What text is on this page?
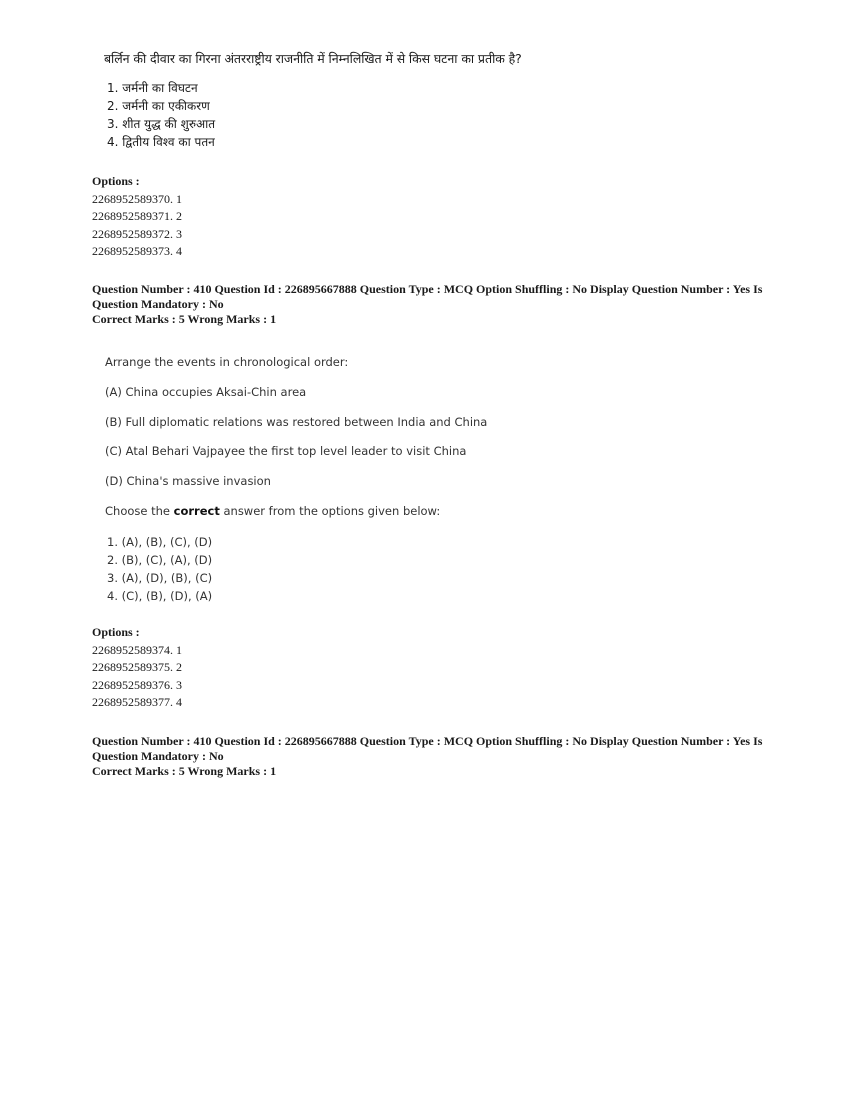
बर्लिन की दीवार का गिरना अंतरराष्ट्रीय राजनीति में निम्नलिखित में से किस घटना का प्रतीक है?
1. जर्मनी का विघटन
2. जर्मनी का एकीकरण
3. शीत युद्ध की शुरुआत
4. द्वितीय विश्व का पतन
Options :
2268952589370. 1
2268952589371. 2
2268952589372. 3
2268952589373. 4
Question Number : 410 Question Id : 226895667888 Question Type : MCQ Option Shuffling : No Display Question Number : Yes Is
Question Mandatory : No
Correct Marks : 5 Wrong Marks : 1
Arrange the events in chronological order:
(A) China occupies Aksai-Chin area
(B) Full diplomatic relations was restored between India and China
(C) Atal Behari Vajpayee the first top level leader to visit China
(D) China's massive invasion
Choose the correct answer from the options given below:
1. (A), (B), (C), (D)
2. (B), (C), (A), (D)
3. (A), (D), (B), (C)
4. (C), (B), (D), (A)
Options :
2268952589374. 1
2268952589375. 2
2268952589376. 3
2268952589377. 4
Question Number : 410 Question Id : 226895667888 Question Type : MCQ Option Shuffling : No Display Question Number : Yes Is
Question Mandatory : No
Correct Marks : 5 Wrong Marks : 1
